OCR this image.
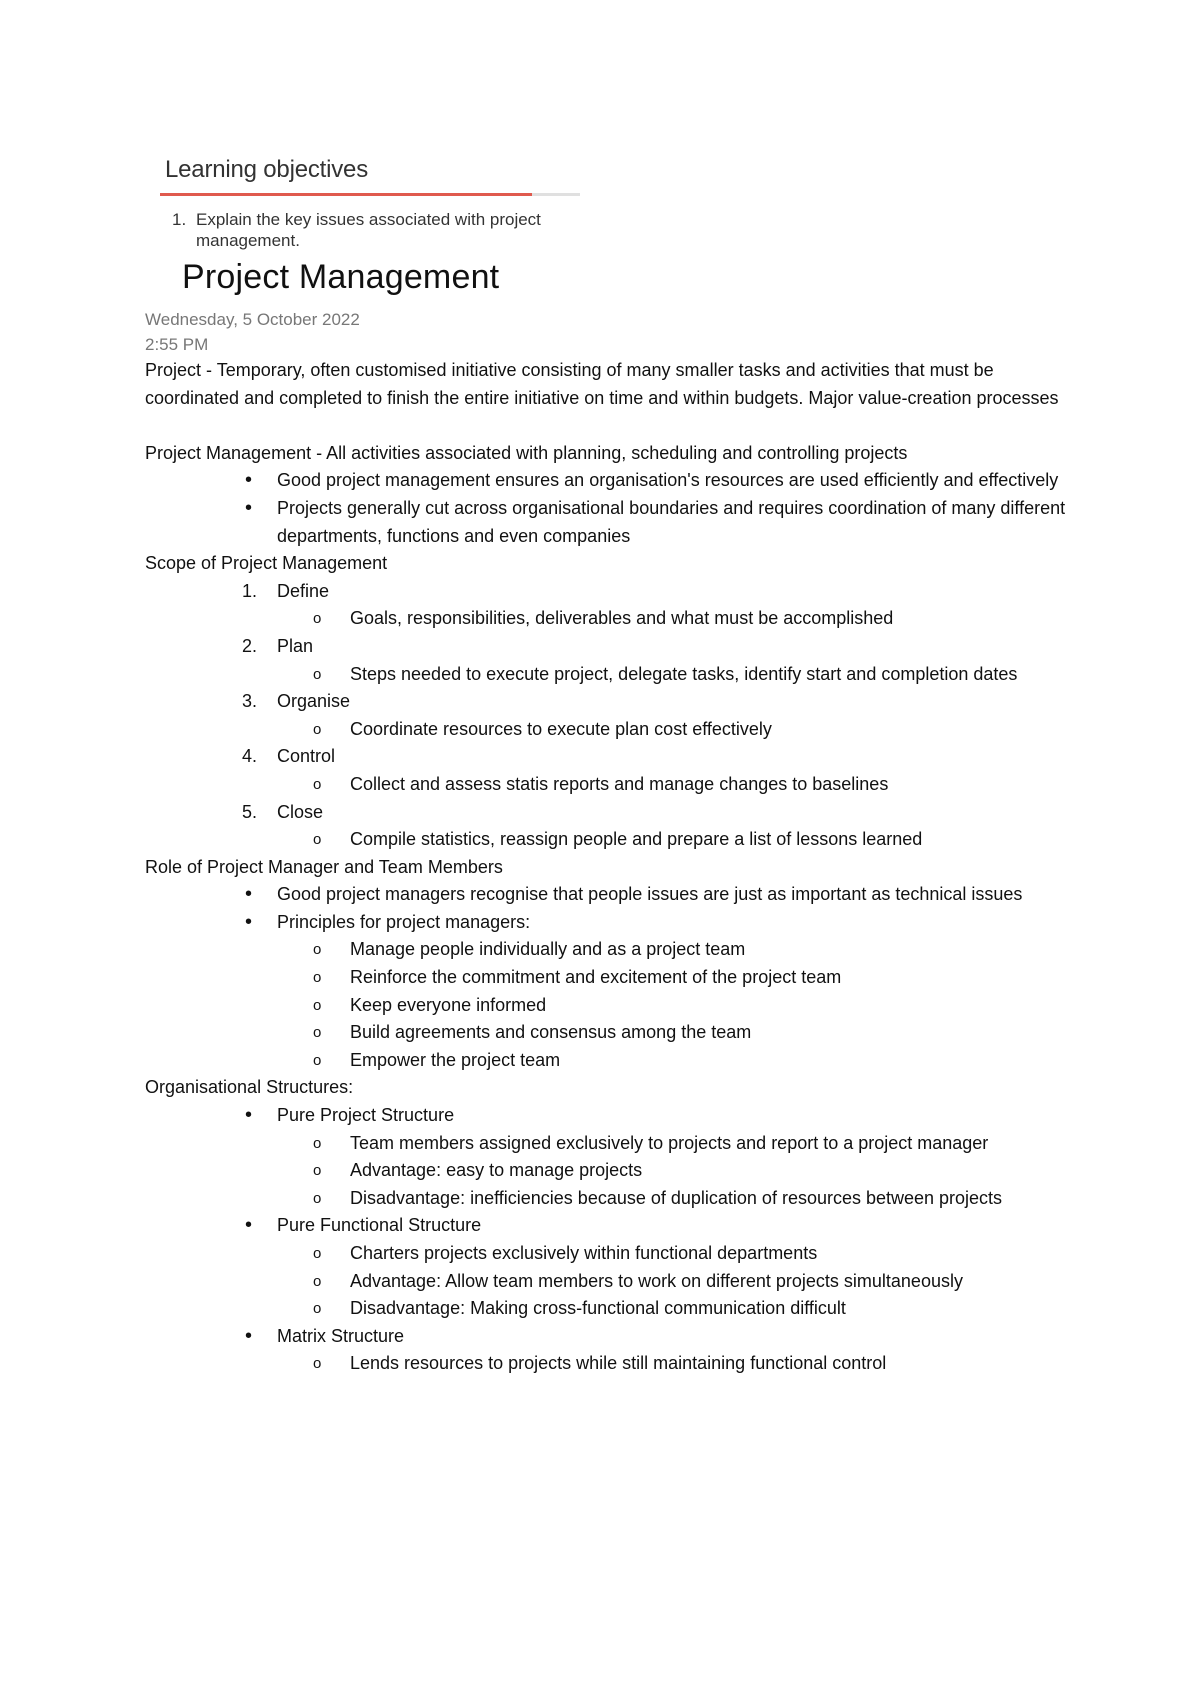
Learning objectives
1. Explain the key issues associated with project management.
Project Management
Wednesday, 5 October 2022
2:55 PM

Project - Temporary, often customised initiative consisting of many smaller tasks and activities that must be coordinated and completed to finish the entire initiative on time and within budgets. Major value-creation processes

Project Management - All activities associated with planning, scheduling and controlling projects

•	Good project management ensures an organisation's resources are used efficiently and effectively
•	Projects generally cut across organisational boundaries and requires coordination of many different departments, functions and even companies

Scope of Project Management

1.	Define
o Goals, responsibilities, deliverables and what must be accomplished
2.	Plan
o Steps needed to execute project, delegate tasks, identify start and completion dates
3.	Organise
o Coordinate resources to execute plan cost effectively
4.	Control
o Collect and assess statis reports and manage changes to baselines
5.	Close
o Compile statistics, reassign people and prepare a list of lessons learned

Role of Project Manager and Team Members

•	Good project managers recognise that people issues are just as important as technical issues
•	Principles for project managers:
o Manage people individually and as a project team
o Reinforce the commitment and excitement of the project team
o Keep everyone informed
o Build agreements and consensus among the team
o Empower the project team

Organisational Structures:

•	Pure Project Structure
o Team members assigned exclusively to projects and report to a project manager
o Advantage: easy to manage projects
o Disadvantage: inefficiencies because of duplication of resources between projects
•	Pure Functional Structure
o Charters projects exclusively within functional departments
o Advantage: Allow team members to work on different projects simultaneously
o Disadvantage: Making cross-functional communication difficult
•	Matrix Structure
o Lends resources to projects while still maintaining functional control
